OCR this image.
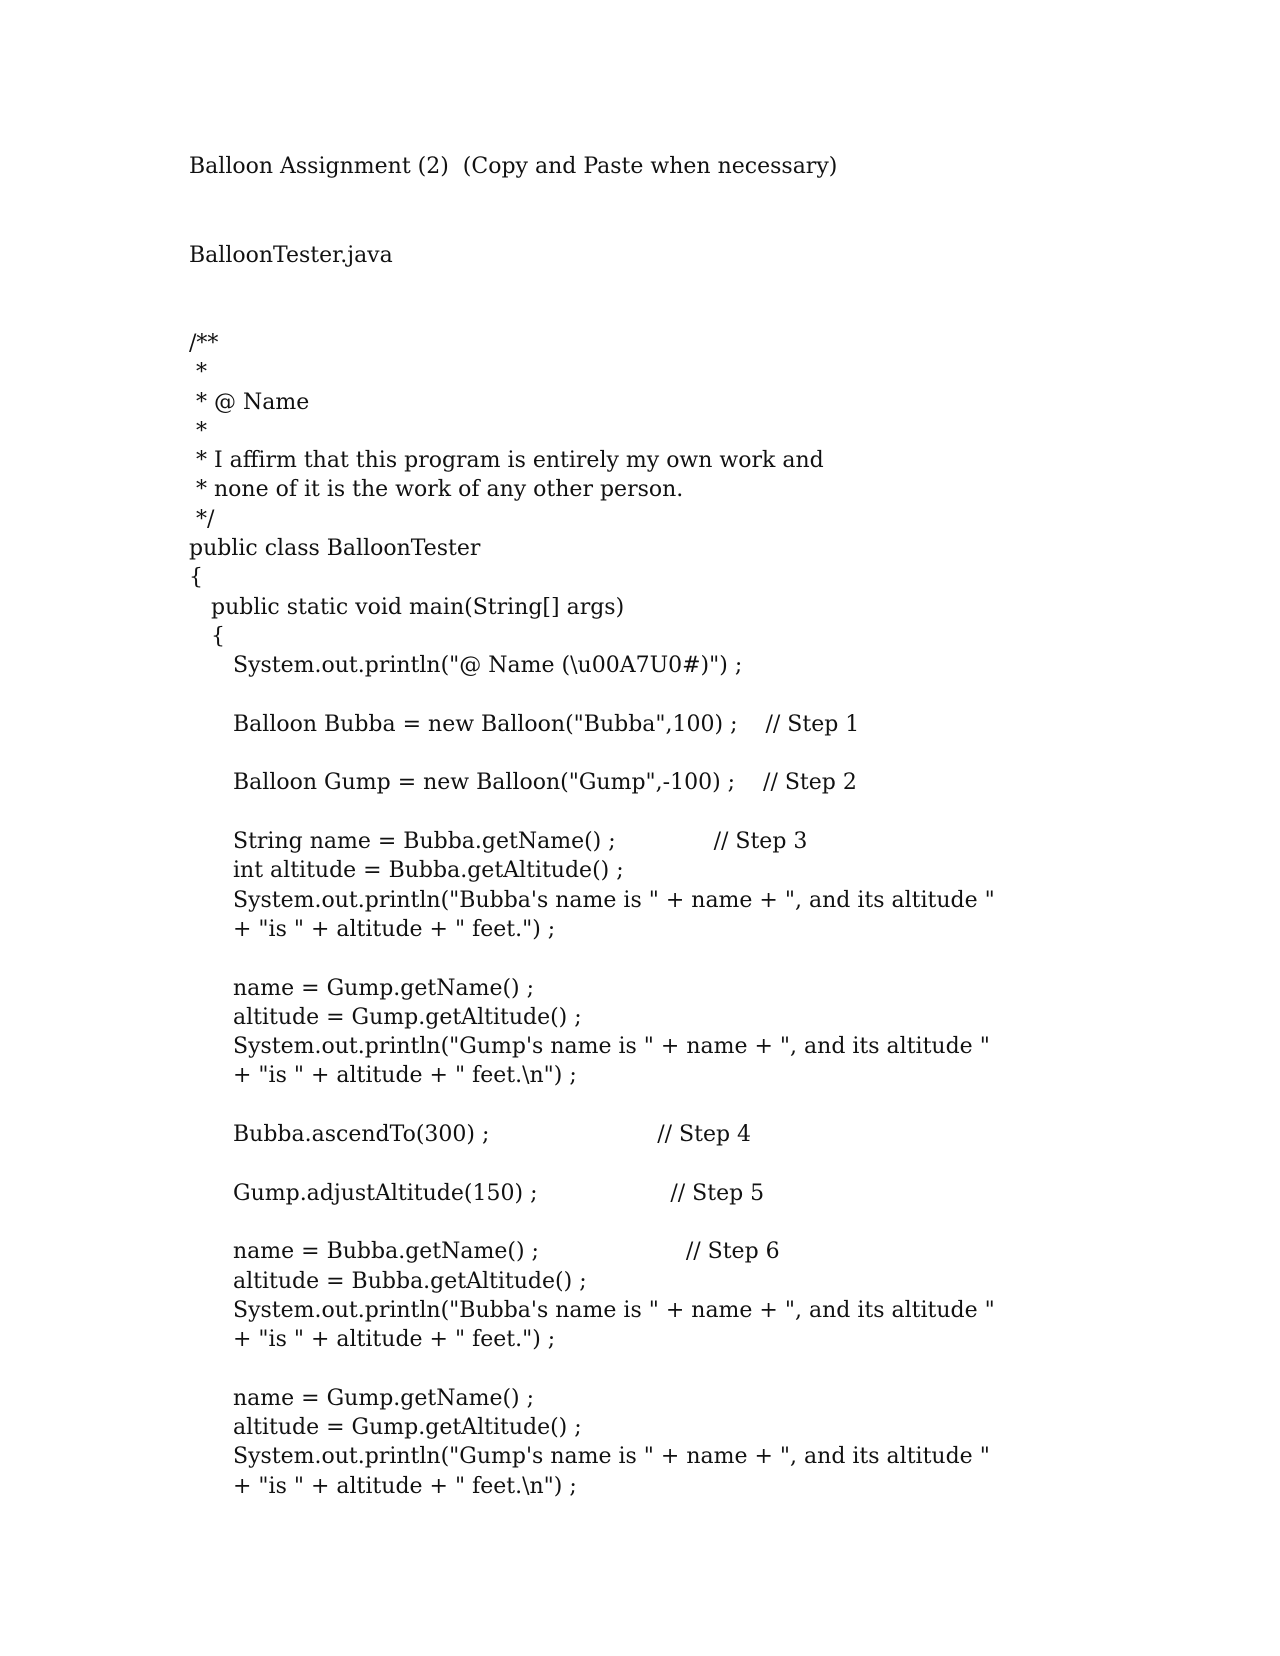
Balloon Assignment (2)  (Copy and Paste when necessary)
BalloonTester.java
/**
*
* @ Name
*
* I affirm that this program is entirely my own work and
* none of it is the work of any other person.
*/
public class BalloonTester
{
public static void main(String[] args)
{
System.out.println("@ Name (\u00A7U0#)") ;
Balloon Bubba = new Balloon("Bubba",100) ;    // Step 1
Balloon Gump = new Balloon("Gump",-100) ;    // Step 2
String name = Bubba.getName() ;              // Step 3
int altitude = Bubba.getAltitude() ;
System.out.println("Bubba's name is " + name + ", and its altitude "
+ "is " + altitude + " feet.") ;
name = Gump.getName() ;
altitude = Gump.getAltitude() ;
System.out.println("Gump's name is " + name + ", and its altitude "
+ "is " + altitude + " feet.\n") ;
Bubba.ascendTo(300) ;                        // Step 4
Gump.adjustAltitude(150) ;                   // Step 5
name = Bubba.getName() ;                     // Step 6
altitude = Bubba.getAltitude() ;
System.out.println("Bubba's name is " + name + ", and its altitude "
+ "is " + altitude + " feet.") ;
name = Gump.getName() ;
altitude = Gump.getAltitude() ;
System.out.println("Gump's name is " + name + ", and its altitude "
+ "is " + altitude + " feet.\n") ;
